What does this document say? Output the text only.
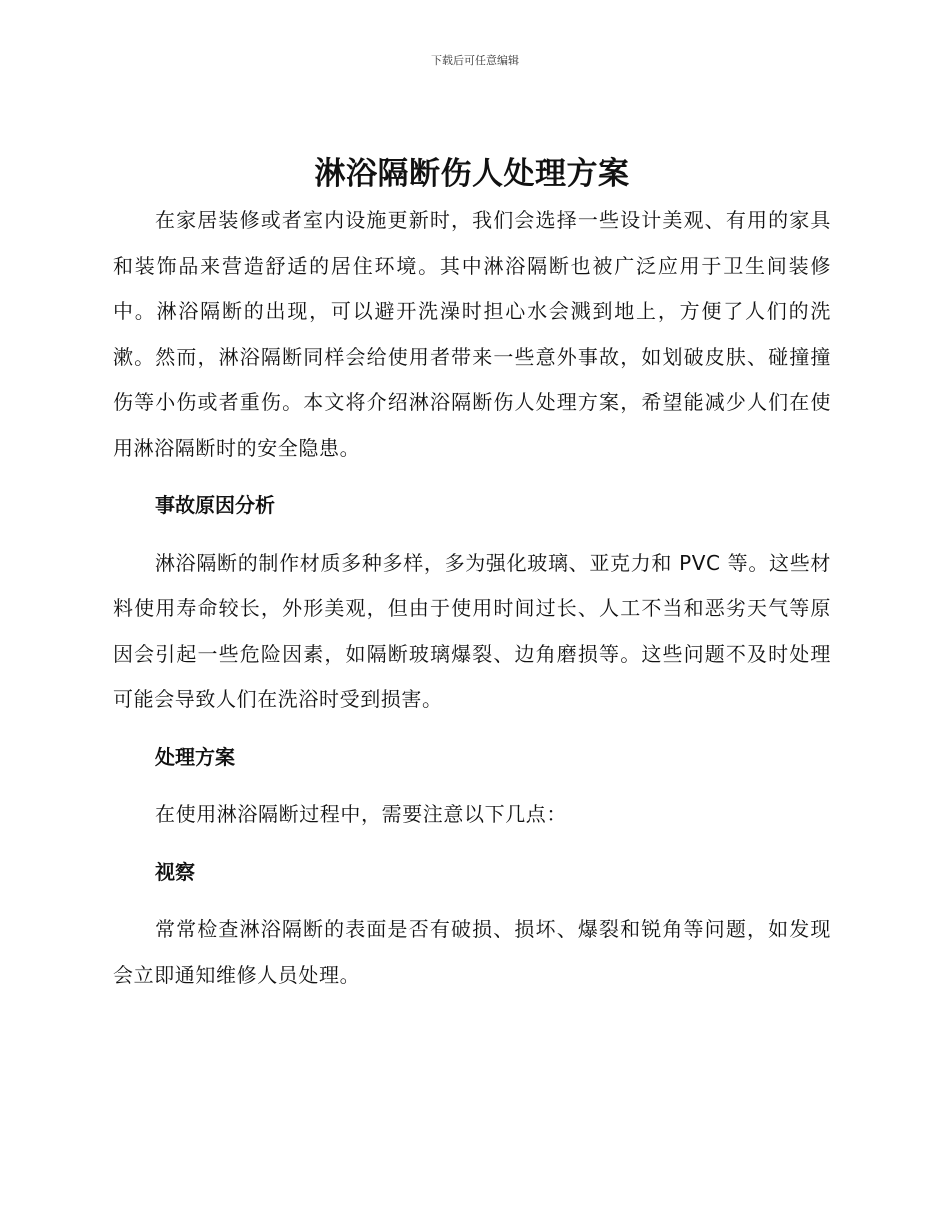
下载后可任意编辑
淋浴隔断伤人处理方案

在家居装修或者室内设施更新时，我们会选择一些设计美观、有用的家具和装饰品来营造舒适的居住环境。其中淋浴隔断也被广泛应用于卫生间装修中。淋浴隔断的出现，可以避开洗澡时担心水会溅到地上，方便了人们的洗漱。然而，淋浴隔断同样会给使用者带来一些意外事故，如划破皮肤、碰撞撞伤等小伤或者重伤。本文将介绍淋浴隔断伤人处理方案，希望能减少人们在使用淋浴隔断时的安全隐患。

事故原因分析

淋浴隔断的制作材质多种多样，多为强化玻璃、亚克力和 PVC 等。这些材料使用寿命较长，外形美观，但由于使用时间过长、人工不当和恶劣天气等原因会引起一些危险因素，如隔断玻璃爆裂、边角磨损等。这些问题不及时处理可能会导致人们在洗浴时受到损害。

处理方案

在使用淋浴隔断过程中，需要注意以下几点：

视察

常常检查淋浴隔断的表面是否有破损、损坏、爆裂和锐角等问题，如发现会立即通知维修人员处理。
